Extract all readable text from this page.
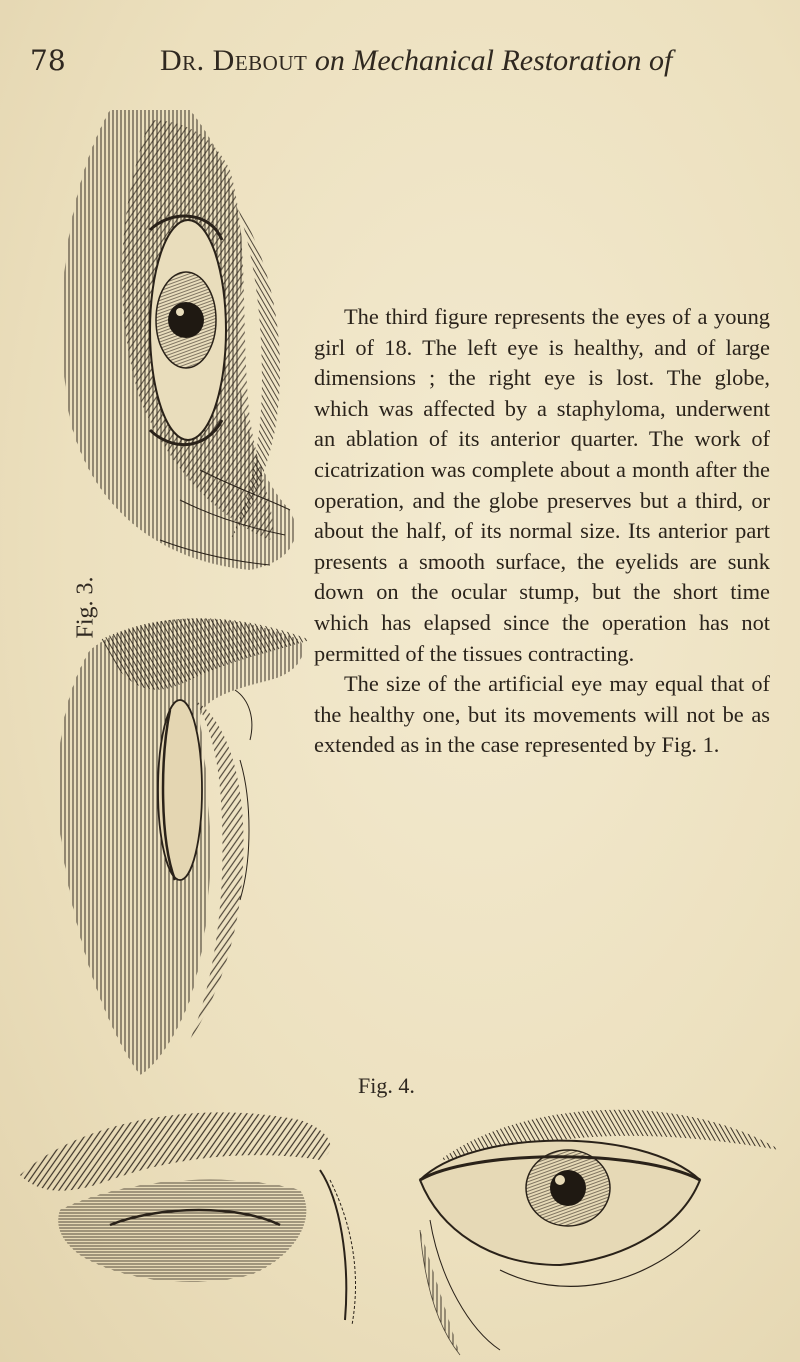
78	Dr. Debout on Mechanical Restoration of
Fig. 3.

The third figure represents the eyes of a young girl of 18. The left eye is healthy, and of large dimensions ; the right eye is lost. The globe, which was affected by a staphyloma, underwent an ablation of its anterior quarter. The work of cicatrization was complete about a month after the operation, and the globe preserves but a third, or about the half, of its normal size. Its anterior part presents a smooth surface, the eyelids are sunk down on the ocular stump, but the short time which has elapsed since the operation has not permitted of the tissues contracting.

The size of the artificial eye may equal that of the healthy one, but its movements will not be as extended as in the case represented by Fig. 1.

Fig. 4.
